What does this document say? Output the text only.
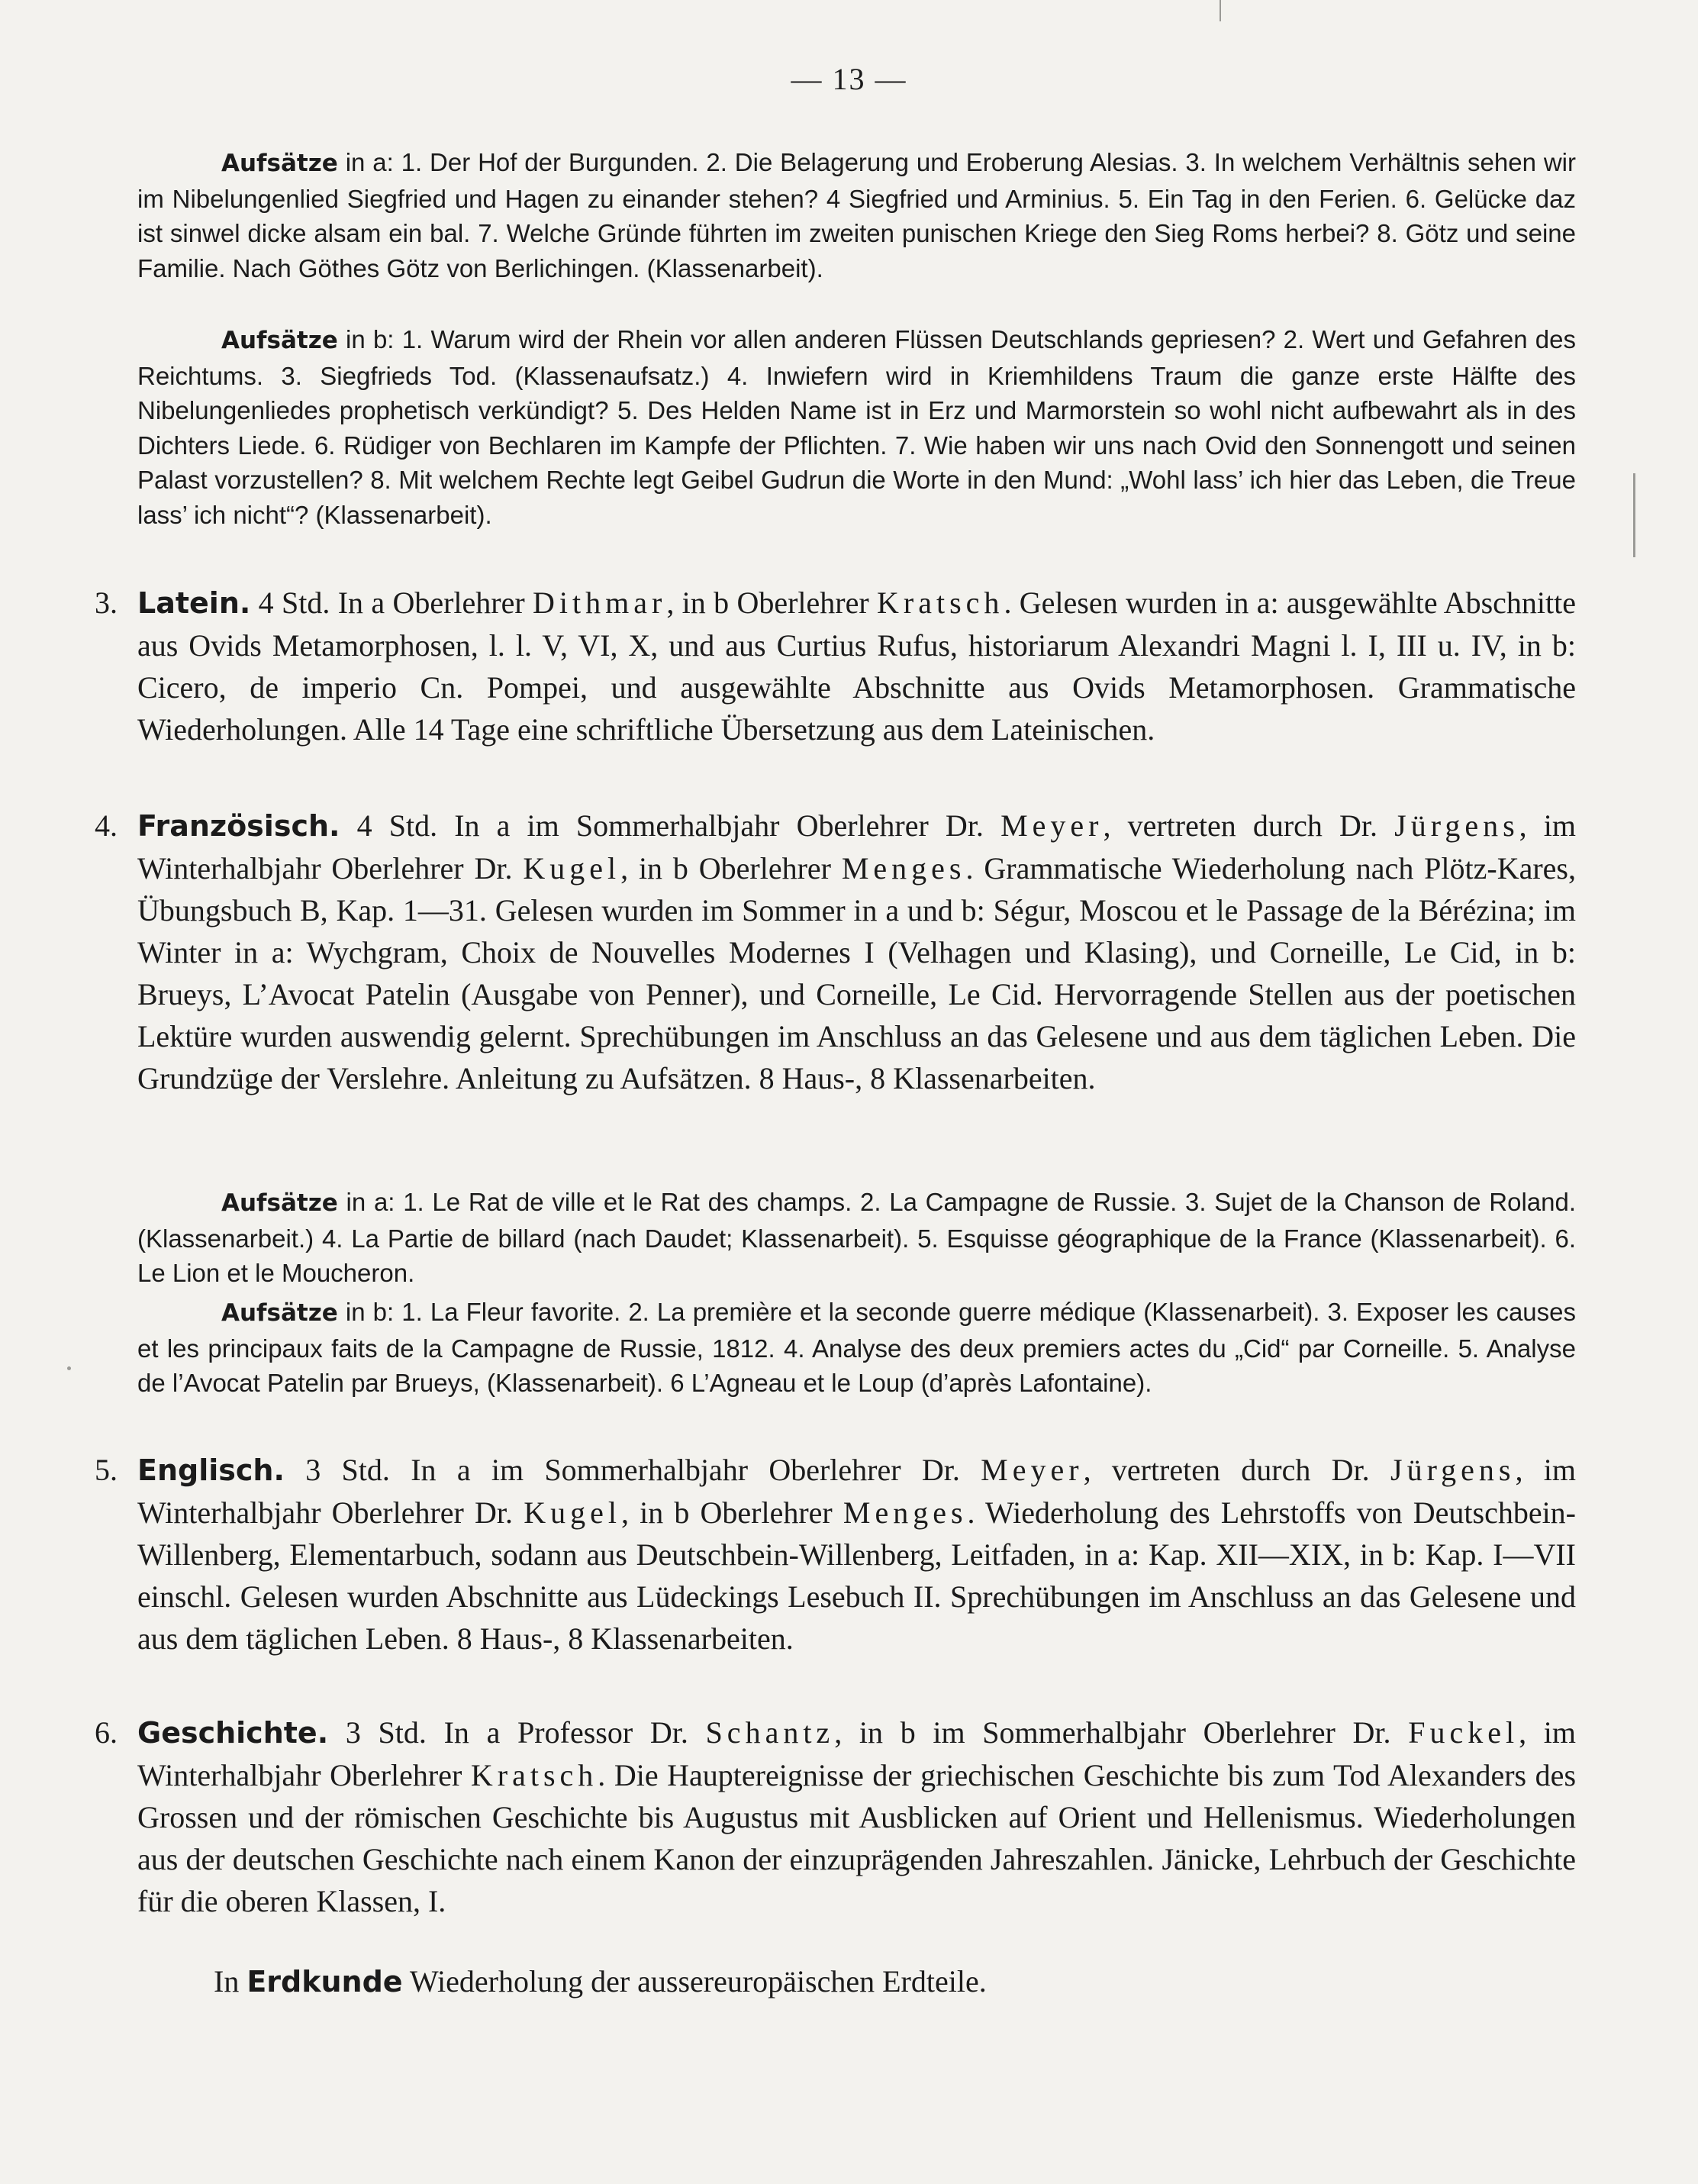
— 13 —
Aufsätze in a: 1. Der Hof der Burgunden. 2. Die Belagerung und Eroberung Alesias. 3. In welchem Verhältnis sehen wir im Nibelungenlied Siegfried und Hagen zu einander stehen? 4 Siegfried und Arminius. 5. Ein Tag in den Ferien. 6. Gelücke daz ist sinwel dicke alsam ein bal. 7. Welche Gründe führten im zweiten punischen Kriege den Sieg Roms herbei? 8. Götz und seine Familie. Nach Göthes Götz von Berlichingen. (Klassenarbeit).
Aufsätze in b: 1. Warum wird der Rhein vor allen anderen Flüssen Deutschlands gepriesen? 2. Wert und Gefahren des Reichtums. 3. Siegfrieds Tod. (Klassenaufsatz.) 4. Inwiefern wird in Kriemhildens Traum die ganze erste Hälfte des Nibelungenliedes prophetisch verkündigt? 5. Des Helden Name ist in Erz und Marmorstein so wohl nicht aufbewahrt als in des Dichters Liede. 6. Rüdiger von Bechlaren im Kampfe der Pflichten. 7. Wie haben wir uns nach Ovid den Sonnengott und seinen Palast vorzustellen? 8. Mit welchem Rechte legt Geibel Gudrun die Worte in den Mund: „Wohl lass’ ich hier das Leben, die Treue lass’ ich nicht“? (Klassenarbeit).
3. Latein. 4 Std. In a Oberlehrer Dithmar, in b Oberlehrer Kratsch. Gelesen wurden in a: ausgewählte Abschnitte aus Ovids Metamorphosen, l. l. V, VI, X, und aus Curtius Rufus, historiarum Alexandri Magni l. I, III u. IV, in b: Cicero, de imperio Cn. Pompei, und ausgewählte Abschnitte aus Ovids Metamorphosen. Grammatische Wiederholungen. Alle 14 Tage eine schriftliche Übersetzung aus dem Lateinischen.
4. Französisch. 4 Std. In a im Sommerhalbjahr Oberlehrer Dr. Meyer, vertreten durch Dr. Jürgens, im Winterhalbjahr Oberlehrer Dr. Kugel, in b Oberlehrer Menges. Grammatische Wiederholung nach Plötz-Kares, Übungsbuch B, Kap. 1—31. Gelesen wurden im Sommer in a und b: Ségur, Moscou et le Passage de la Bérézina; im Winter in a: Wychgram, Choix de Nouvelles Modernes I (Velhagen und Klasing), und Corneille, Le Cid, in b: Brueys, L’Avocat Patelin (Ausgabe von Penner), und Corneille, Le Cid. Hervorragende Stellen aus der poetischen Lektüre wurden auswendig gelernt. Sprechübungen im Anschluss an das Gelesene und aus dem täglichen Leben. Die Grundzüge der Verslehre. Anleitung zu Aufsätzen. 8 Haus-, 8 Klassenarbeiten.
Aufsätze in a: 1. Le Rat de ville et le Rat des champs. 2. La Campagne de Russie. 3. Sujet de la Chanson de Roland. (Klassenarbeit.) 4. La Partie de billard (nach Daudet; Klassenarbeit). 5. Esquisse géographique de la France (Klassenarbeit). 6. Le Lion et le Moucheron.
Aufsätze in b: 1. La Fleur favorite. 2. La première et la seconde guerre médique (Klassenarbeit). 3. Exposer les causes et les principaux faits de la Campagne de Russie, 1812. 4. Analyse des deux premiers actes du „Cid“ par Corneille. 5. Analyse de l’Avocat Patelin par Brueys, (Klassenarbeit). 6 L’Agneau et le Loup (d’après Lafontaine).
5. Englisch. 3 Std. In a im Sommerhalbjahr Oberlehrer Dr. Meyer, vertreten durch Dr. Jürgens, im Winterhalbjahr Oberlehrer Dr. Kugel, in b Oberlehrer Menges. Wiederholung des Lehrstoffs von Deutschbein-Willenberg, Elementarbuch, sodann aus Deutschbein-Willenberg, Leitfaden, in a: Kap. XII—XIX, in b: Kap. I—VII einschl. Gelesen wurden Abschnitte aus Lüdeckings Lesebuch II. Sprechübungen im Anschluss an das Gelesene und aus dem täglichen Leben. 8 Haus-, 8 Klassenarbeiten.
6. Geschichte. 3 Std. In a Professor Dr. Schantz, in b im Sommerhalbjahr Oberlehrer Dr. Fuckel, im Winterhalbjahr Oberlehrer Kratsch. Die Hauptereignisse der griechischen Geschichte bis zum Tod Alexanders des Grossen und der römischen Geschichte bis Augustus mit Ausblicken auf Orient und Hellenismus. Wiederholungen aus der deutschen Geschichte nach einem Kanon der einzuprägenden Jahreszahlen. Jänicke, Lehrbuch der Geschichte für die oberen Klassen, I.
In Erdkunde Wiederholung der aussereuropäischen Erdteile.
